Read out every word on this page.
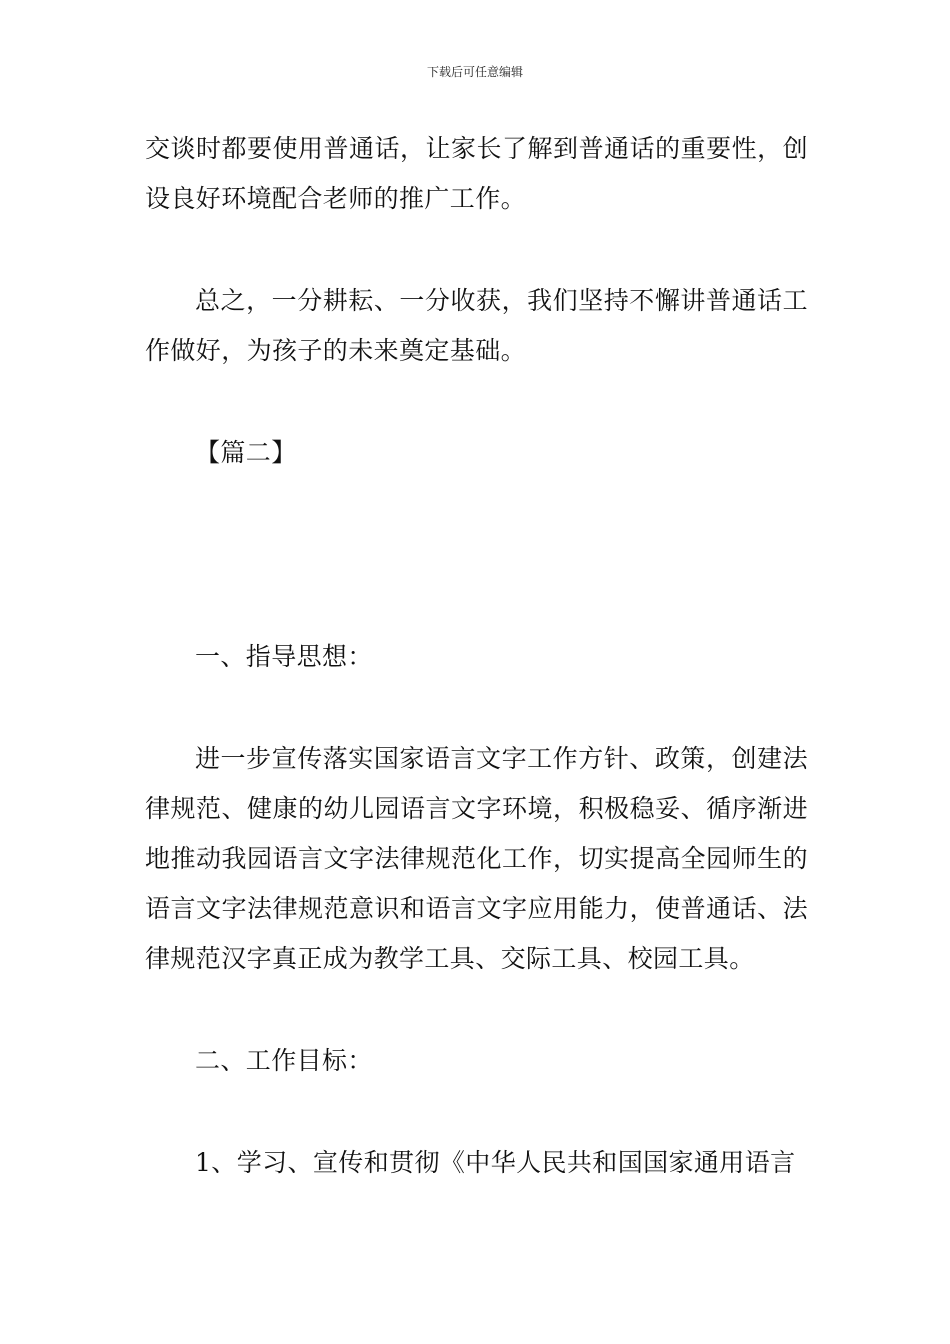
下载后可任意编辑

交谈时都要使用普通话，让家长了解到普通话的重要性，创设良好环境配合老师的推广工作。

总之，一分耕耘、一分收获，我们坚持不懈讲普通话工作做好，为孩子的未来奠定基础。

【篇二】

一、指导思想：

进一步宣传落实国家语言文字工作方针、政策，创建法律规范、健康的幼儿园语言文字环境，积极稳妥、循序渐进地推动我园语言文字法律规范化工作，切实提高全园师生的语言文字法律规范意识和语言文字应用能力，使普通话、法律规范汉字真正成为教学工具、交际工具、校园工具。

二、工作目标：

1、学习、宣传和贯彻《中华人民共和国国家通用语言
